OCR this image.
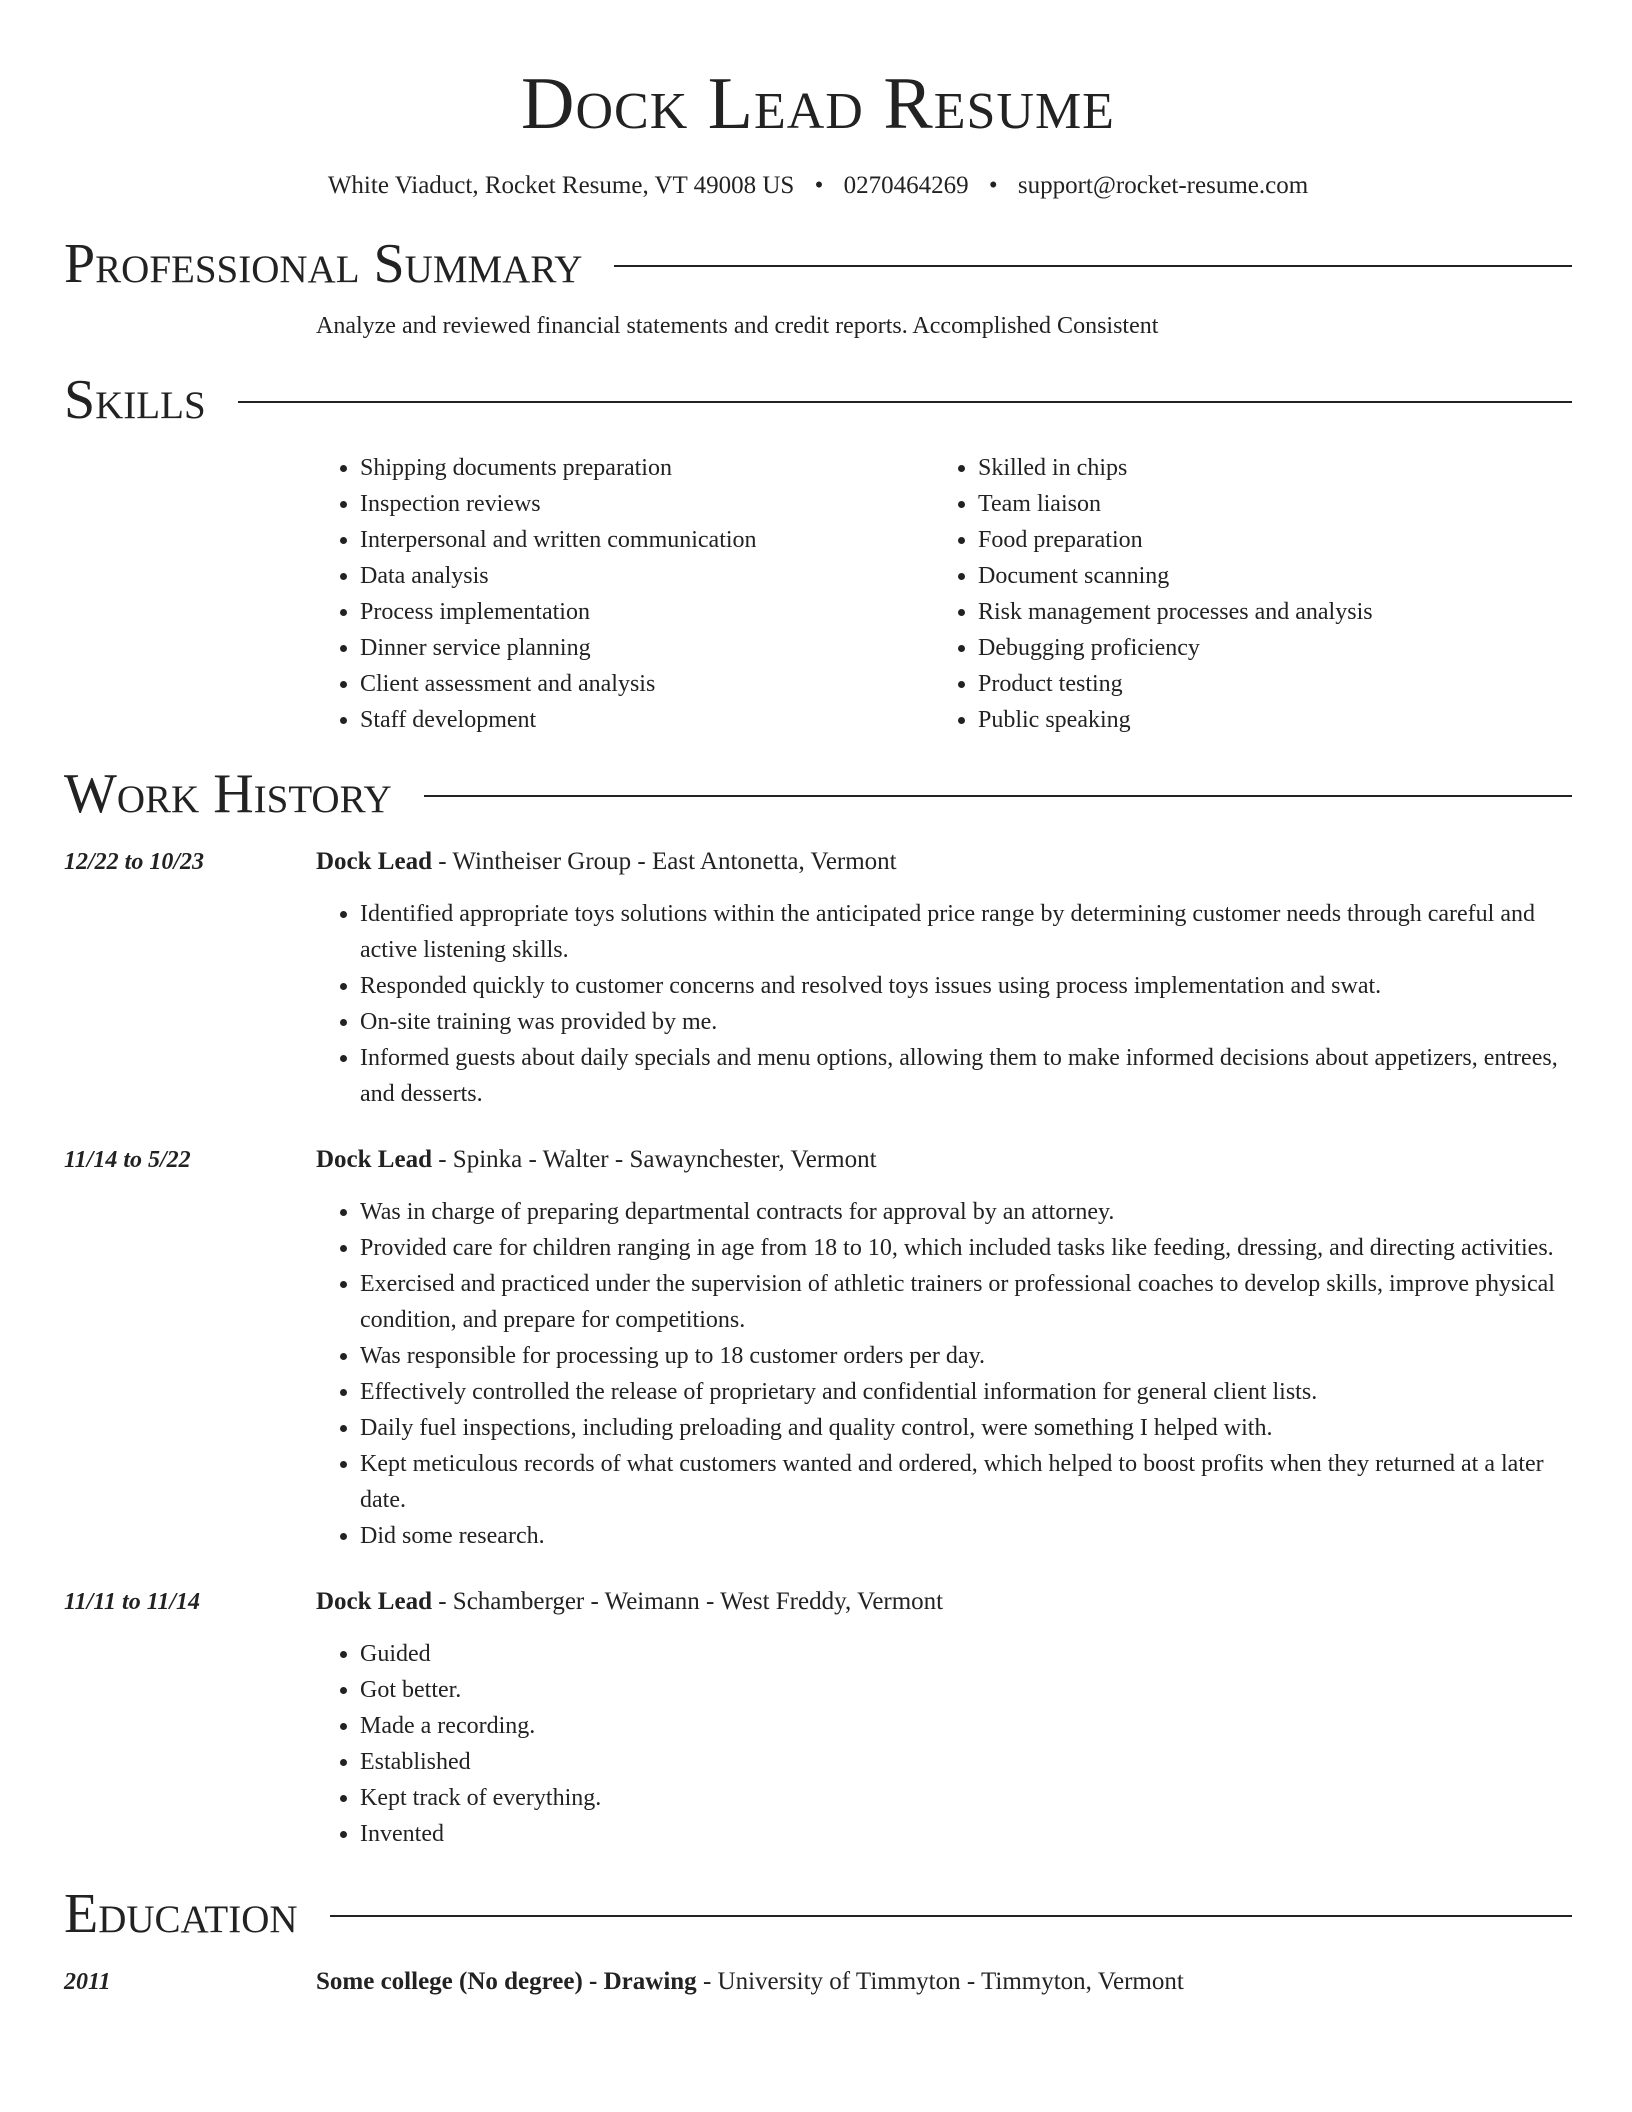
Dock Lead Resume
White Viaduct, Rocket Resume, VT 49008 US • 0270464269 • support@rocket-resume.com
Professional Summary
Analyze and reviewed financial statements and credit reports. Accomplished Consistent
Skills
• Shipping documents preparation
• Inspection reviews
• Interpersonal and written communication
• Data analysis
• Process implementation
• Dinner service planning
• Client assessment and analysis
• Staff development
• Skilled in chips
• Team liaison
• Food preparation
• Document scanning
• Risk management processes and analysis
• Debugging proficiency
• Product testing
• Public speaking
Work History
12/22 to 10/23	Dock Lead - Wintheiser Group - East Antonetta, Vermont
• Identified appropriate toys solutions within the anticipated price range by determining customer needs through careful and active listening skills.
• Responded quickly to customer concerns and resolved toys issues using process implementation and swat.
• On-site training was provided by me.
• Informed guests about daily specials and menu options, allowing them to make informed decisions about appetizers, entrees, and desserts.
11/14 to 5/22	Dock Lead - Spinka - Walter - Sawaynchester, Vermont
• Was in charge of preparing departmental contracts for approval by an attorney.
• Provided care for children ranging in age from 18 to 10, which included tasks like feeding, dressing, and directing activities.
• Exercised and practiced under the supervision of athletic trainers or professional coaches to develop skills, improve physical condition, and prepare for competitions.
• Was responsible for processing up to 18 customer orders per day.
• Effectively controlled the release of proprietary and confidential information for general client lists.
• Daily fuel inspections, including preloading and quality control, were something I helped with.
• Kept meticulous records of what customers wanted and ordered, which helped to boost profits when they returned at a later date.
• Did some research.
11/11 to 11/14	Dock Lead - Schamberger - Weimann - West Freddy, Vermont
• Guided
• Got better.
• Made a recording.
• Established
• Kept track of everything.
• Invented
Education
2011	Some college (No degree) - Drawing - University of Timmyton - Timmyton, Vermont
